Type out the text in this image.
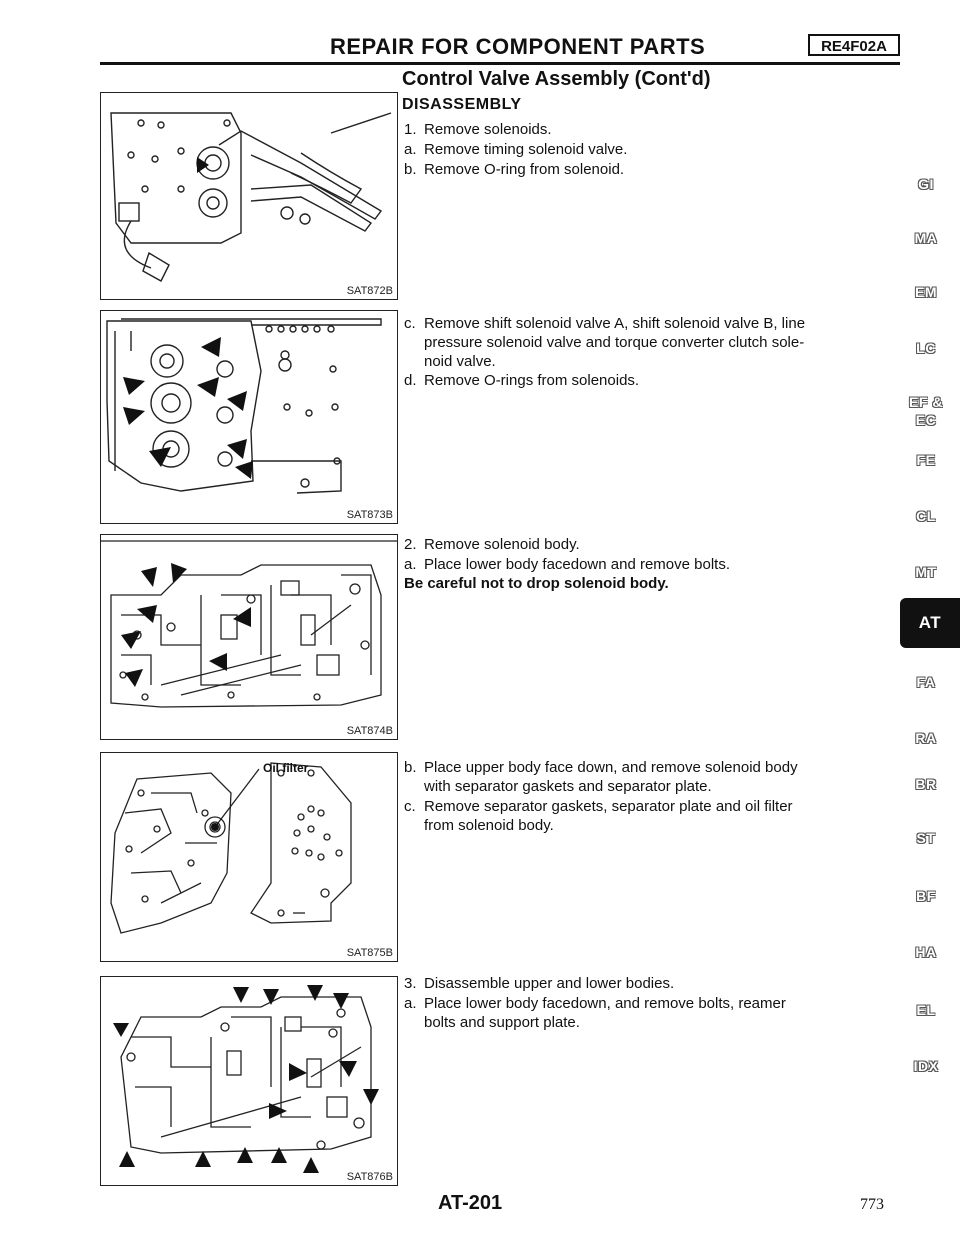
REPAIR FOR COMPONENT PARTS	RE4F02A
Control Valve Assembly (Cont'd)
DISASSEMBLY
SAT872B
SAT873B
SAT874B
Oil filter
SAT875B
SAT876B
1. Remove solenoids.
a. Remove timing solenoid valve.
b. Remove O-ring from solenoid.
c. Remove shift solenoid valve A, shift solenoid valve B, line
pressure solenoid valve and torque converter clutch sole-
noid valve.
d. Remove O-rings from solenoids.
2. Remove solenoid body.
a. Place lower body facedown and remove bolts.
Be careful not to drop solenoid body.
b. Place upper body face down, and remove solenoid body
with separator gaskets and separator plate.
c. Remove separator gaskets, separator plate and oil filter
from solenoid body.
3. Disassemble upper and lower bodies.
a. Place lower body facedown, and remove bolts, reamer
bolts and support plate.
GI
MA
EM
LC
EF &
EC
FE
CL
MT
AT
FA
RA
BR
ST
BF
HA
EL
IDX
AT-201	773
